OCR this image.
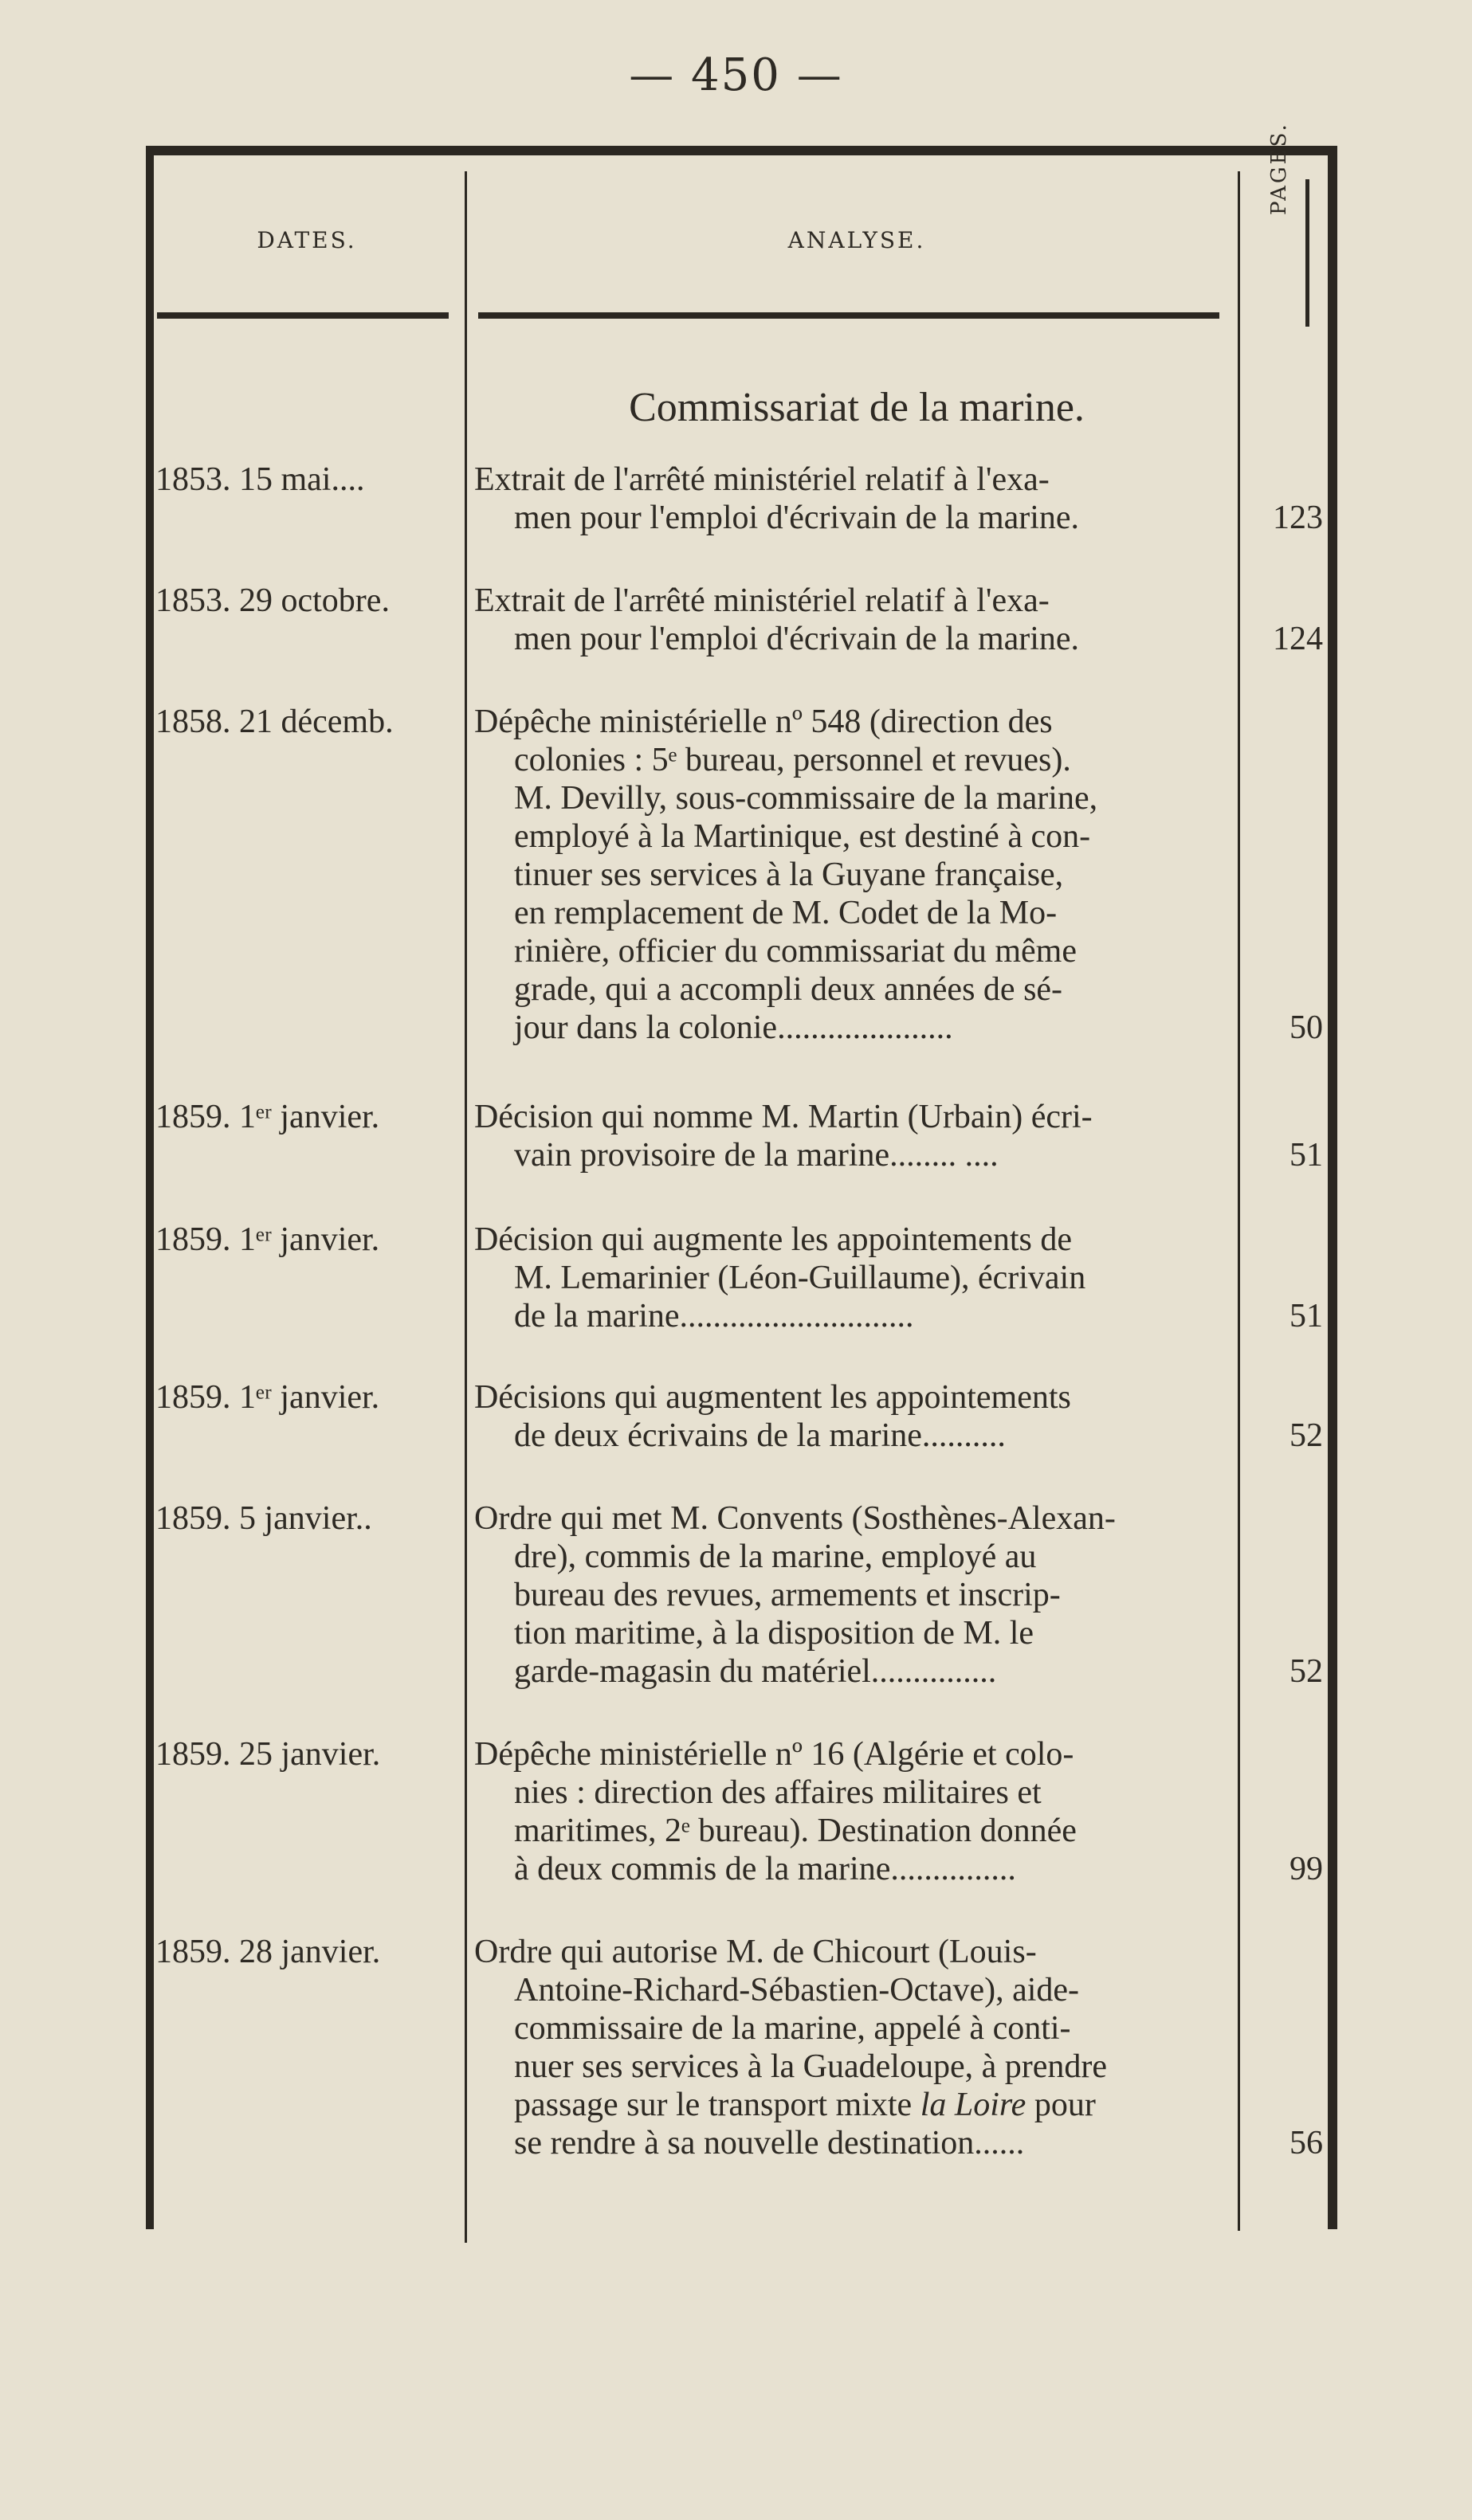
— 450 —
DATES.	ANALYSE.
PAGES.
Commissariat de la marine.
1853. 15 mai....	Extrait de l'arrêté ministériel relatif à l'exa-
men pour l'emploi d'écrivain de la marine.	123
1853. 29 octobre.	Extrait de l'arrêté ministériel relatif à l'exa-
men pour l'emploi d'écrivain de la marine.	124
1858. 21 décemb.	Dépêche ministérielle nº 548 (direction des
colonies : 5ᵉ bureau, personnel et revues).
M. Devilly, sous-commissaire de la marine,
employé à la Martinique, est destiné à con-
tinuer ses services à la Guyane française,
en remplacement de M. Codet de la Mo-
rinière, officier du commissariat du même
grade, qui a accompli deux années de sé-
jour dans la colonie.....................	50
1859. 1ᵉʳ janvier.	Décision qui nomme M. Martin (Urbain) écri-
vain provisoire de la marine........ ....	51
1859. 1ᵉʳ janvier.	Décision qui augmente les appointements de
M. Lemarinier (Léon-Guillaume), écrivain
de la marine............................	51
1859. 1ᵉʳ janvier.	Décisions qui augmentent les appointements
de deux écrivains de la marine..........	52
1859. 5 janvier..	Ordre qui met M. Convents (Sosthènes-Alexan-
dre), commis de la marine, employé au
bureau des revues, armements et inscrip-
tion maritime, à la disposition de M. le
garde-magasin du matériel...............	52
1859. 25 janvier.	Dépêche ministérielle nº 16 (Algérie et colo-
nies : direction des affaires militaires et
maritimes, 2ᵉ bureau). Destination donnée
à deux commis de la marine...............	99
1859. 28 janvier.	Ordre qui autorise M. de Chicourt (Louis-
Antoine-Richard-Sébastien-Octave), aide-
commissaire de la marine, appelé à conti-
nuer ses services à la Guadeloupe, à prendre
passage sur le transport mixte la Loire pour
se rendre à sa nouvelle destination......	56
